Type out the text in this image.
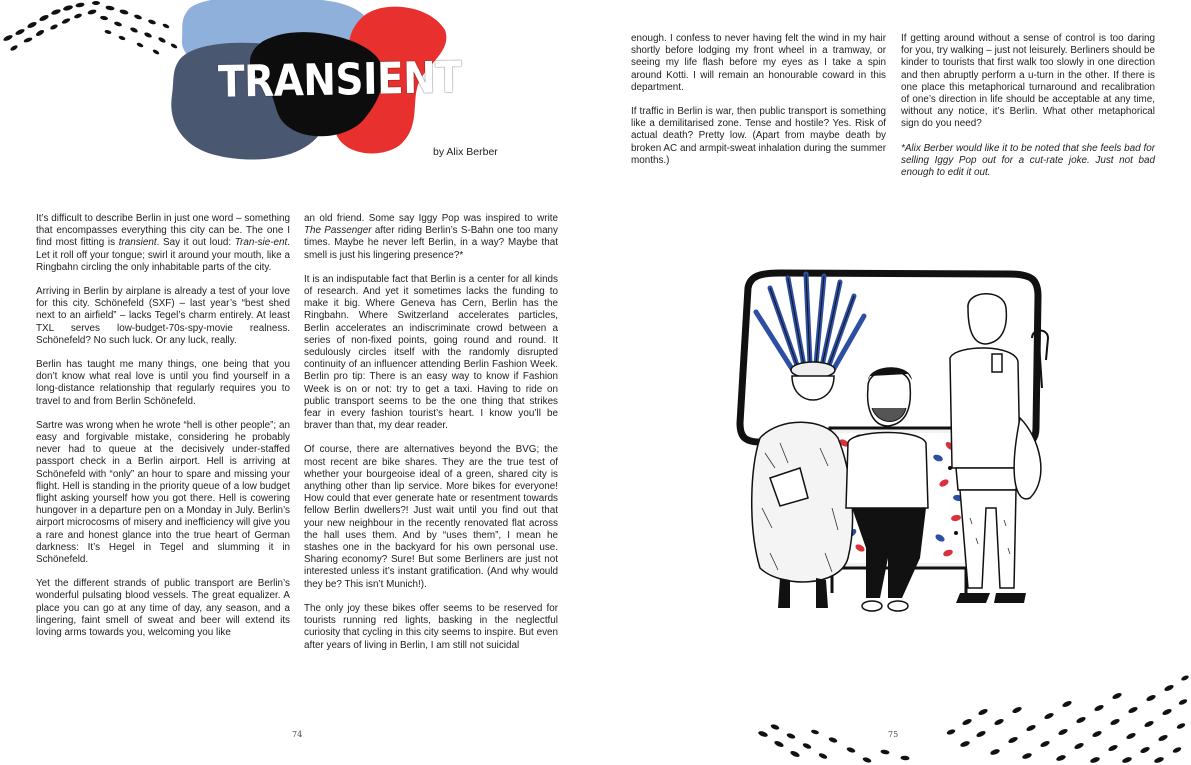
TRANSIENT
by Alix Berber

It’s difficult to describe Berlin in just one word – something that encompasses everything this city can be. The one I find most fitting is transient. Say it out loud: Tran-sie-ent. Let it roll off your tongue; swirl it around your mouth, like a Ringbahn circling the only inhabitable parts of the city.

Arriving in Berlin by airplane is already a test of your love for this city. Schönefeld (SXF) – last year’s “best shed next to an airfield” – lacks Tegel’s charm entirely. At least TXL serves low-budget-70s-spy-movie realness. Schönefeld? No such luck. Or any luck, really.

Berlin has taught me many things, one being that you don’t know what real love is until you find yourself in a long-distance relationship that regularly requires you to travel to and from Berlin Schönefeld.

Sartre was wrong when he wrote “hell is other people”; an easy and forgivable mistake, considering he probably never had to queue at the decisively under-staffed passport check in a Berlin airport. Hell is arriving at Schönefeld with “only” an hour to spare and missing your flight. Hell is standing in the priority queue of a low budget flight asking yourself how you got there. Hell is cowering hungover in a departure pen on a Monday in July. Berlin’s airport microcosms of misery and inefficiency will give you a rare and honest glance into the true heart of German darkness: It’s Hegel in Tegel and slumming it in Schönefeld.

Yet the different strands of public transport are Berlin’s wonderful pulsating blood vessels. The great equalizer. A place you can go at any time of day, any season, and a lingering, faint smell of sweat and beer will extend its loving arms towards you, welcoming you like

an old friend. Some say Iggy Pop was inspired to write The Passenger after riding Berlin’s S-Bahn one too many times. Maybe he never left Berlin, in a way? Maybe that smell is just his lingering presence?*

It is an indisputable fact that Berlin is a center for all kinds of research. And yet it sometimes lacks the funding to make it big. Where Geneva has Cern, Berlin has the Ringbahn. Where Switzerland accelerates particles, Berlin accelerates an indiscriminate crowd between a series of non-fixed points, going round and round. It sedulously circles itself with the randomly disrupted continuity of an influencer attending Berlin Fashion Week. Berlin pro tip: There is an easy way to know if Fashion Week is on or not: try to get a taxi. Having to ride on public transport seems to be the one thing that strikes fear in every fashion tourist’s heart. I know you’ll be braver than that, my dear reader.

Of course, there are alternatives beyond the BVG; the most recent are bike shares. They are the true test of whether your bourgeoise ideal of a green, shared city is anything other than lip service. More bikes for everyone! How could that ever generate hate or resentment towards fellow Berlin dwellers?! Just wait until you find out that your new neighbour in the recently renovated flat across the hall uses them. And by “uses them”, I mean he stashes one in the backyard for his own personal use. Sharing economy? Sure! But some Berliners are just not interested unless it’s instant gratification. (And why would they be? This isn’t Munich!).

The only joy these bikes offer seems to be reserved for tourists running red lights, basking in the neglectful curiosity that cycling in this city seems to inspire. But even after years of living in Berlin, I am still not suicidal

74

enough. I confess to never having felt the wind in my hair shortly before lodging my front wheel in a tramway, or seeing my life flash before my eyes as I take a spin around Kotti. I will remain an honourable coward in this department.

If traffic in Berlin is war, then public transport is something like a demilitarised zone. Tense and hostile? Yes. Risk of actual death? Pretty low. (Apart from maybe death by broken AC and armpit-sweat inhalation during the summer months.)

If getting around without a sense of control is too daring for you, try walking – just not leisurely. Berliners should be kinder to tourists that first walk too slowly in one direction and then abruptly perform a u-turn in the other. If there is one place this metaphorical turnaround and recalibration of one’s direction in life should be acceptable at any time, without any notice, it’s Berlin. What other metaphorical sign do you need?

*Alix Berber would like it to be noted that she feels bad for selling Iggy Pop out for a cut-rate joke. Just not bad enough to edit it out.

75
